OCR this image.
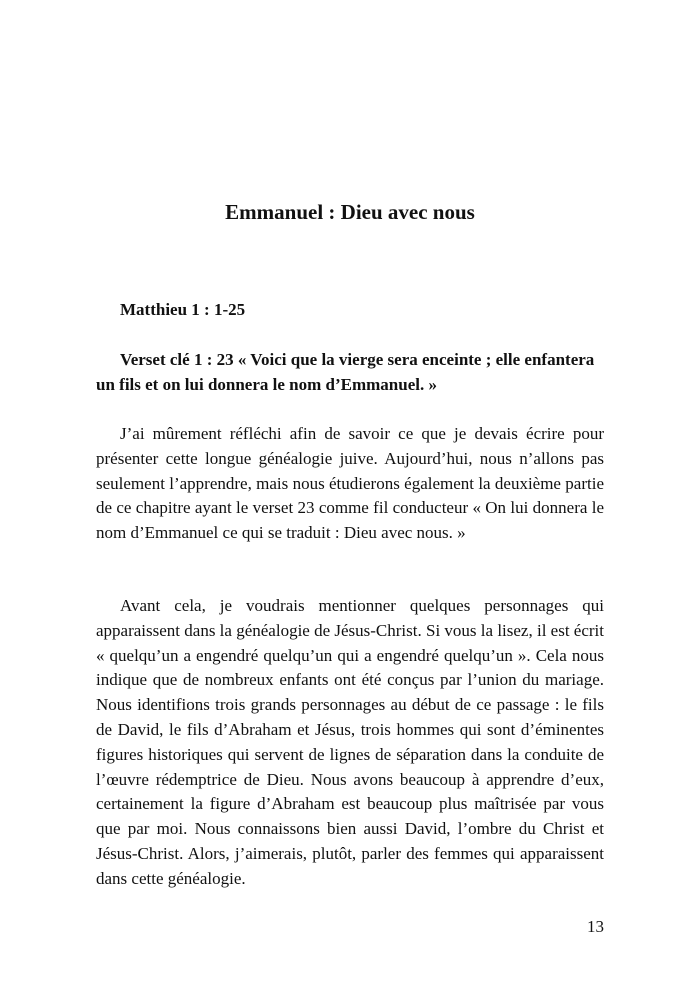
Emmanuel : Dieu avec nous

Matthieu 1 : 1-25

Verset clé 1 : 23 « Voici que la vierge sera enceinte ; elle enfantera un fils et on lui donnera le nom d’Emmanuel. »

J’ai mûrement réfléchi afin de savoir ce que je devais écrire pour présenter cette longue généalogie juive. Aujourd’hui, nous n’allons pas seulement l’apprendre, mais nous étudierons également la deuxième partie de ce chapitre ayant le verset 23 comme fil conducteur « On lui donnera le nom d’Emmanuel ce qui se traduit : Dieu avec nous. »

Avant cela, je voudrais mentionner quelques personnages qui apparaissent dans la généalogie de Jésus-Christ. Si vous la lisez, il est écrit « quelqu’un a engendré quelqu’un qui a engendré quelqu’un ». Cela nous indique que de nombreux enfants ont été conçus par l’union du mariage. Nous identifions trois grands personnages au début de ce passage : le fils de David, le fils d’Abraham et Jésus, trois hommes qui sont d’éminentes figures historiques qui servent de lignes de séparation dans la conduite de l’œuvre rédemptrice de Dieu. Nous avons beaucoup à apprendre d’eux, certainement la figure d’Abraham est beaucoup plus maîtrisée par vous que par moi. Nous connaissons bien aussi David, l’ombre du Christ et Jésus-Christ. Alors, j’aimerais, plutôt, parler des femmes qui apparaissent dans cette généalogie.

13
